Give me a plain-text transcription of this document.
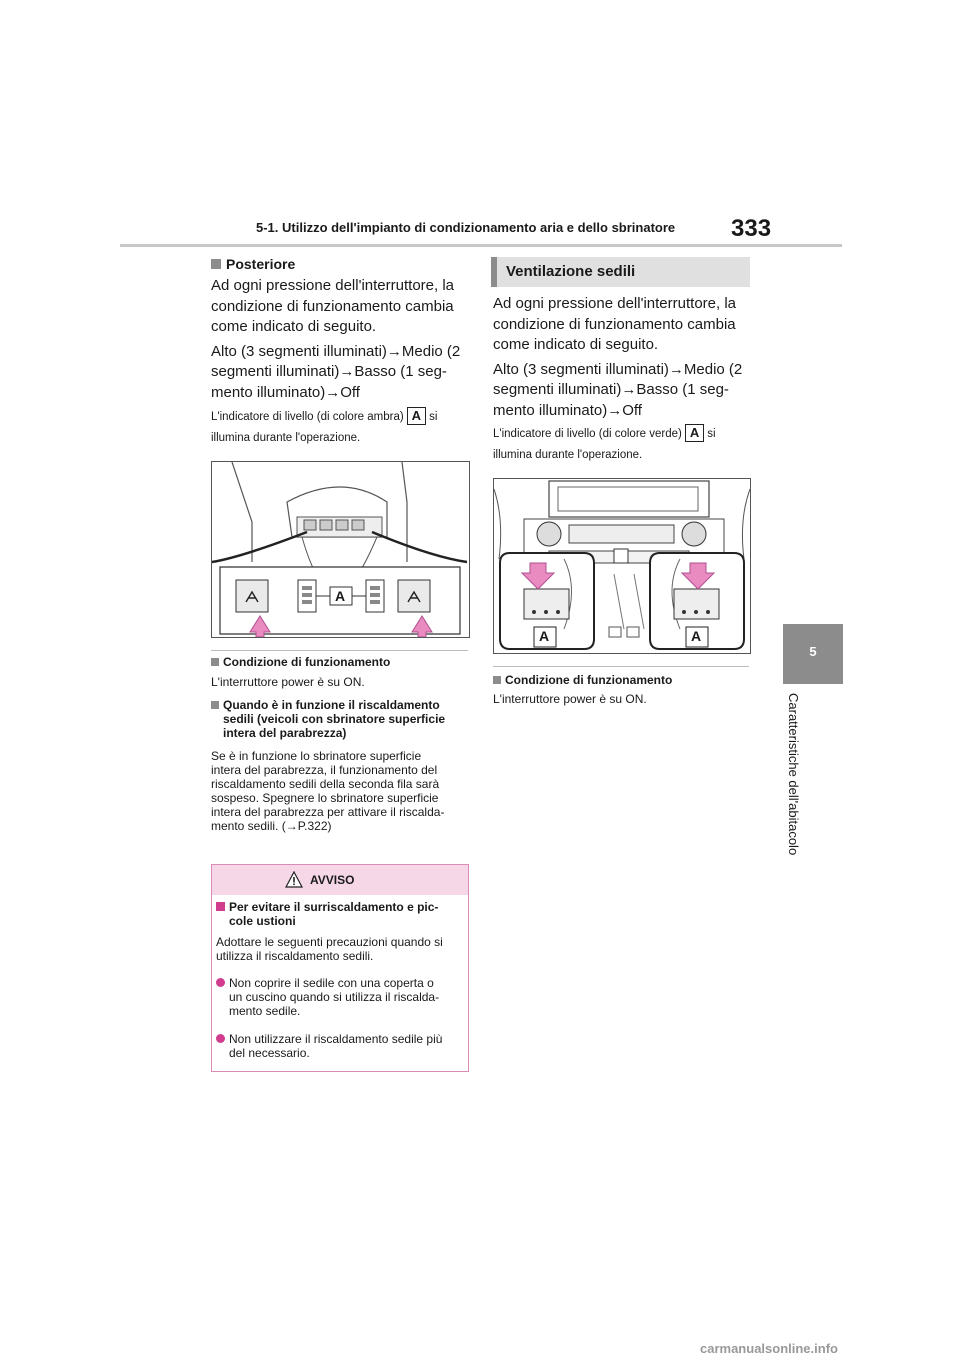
5-1. Utilizzo dell'impianto di condizionamento aria e dello sbrinatore 333
5
Caratteristiche dell'abitacolo
Posteriore
Ad ogni pressione dell'interruttore, la
condizione di funzionamento cambia
come indicato di seguito.
Alto (3 segmenti illuminati)→Medio (2
segmenti illuminati)→Basso (1 seg-
mento illuminato)→Off
L'indicatore di livello (di colore ambra) A si
illumina durante l'operazione.
A
Condizione di funzionamento
L'interruttore power è su ON.
Quando è in funzione il riscaldamento
sedili (veicoli con sbrinatore superficie
intera del parabrezza)
Se è in funzione lo sbrinatore superficie
intera del parabrezza, il funzionamento del
riscaldamento sedili della seconda fila sarà
sospeso. Spegnere lo sbrinatore superficie
intera del parabrezza per attivare il riscalda-
mento sedili. (→P.322)
AVVISO
Per evitare il surriscaldamento e pic-
cole ustioni
Adottare le seguenti precauzioni quando si
utilizza il riscaldamento sedili.
Non coprire il sedile con una coperta o
un cuscino quando si utilizza il riscalda-
mento sedile.
Non utilizzare il riscaldamento sedile più
del necessario.
Ventilazione sedili
Ad ogni pressione dell'interruttore, la
condizione di funzionamento cambia
come indicato di seguito.
Alto (3 segmenti illuminati)→Medio (2
segmenti illuminati)→Basso (1 seg-
mento illuminato)→Off
L'indicatore di livello (di colore verde) A si
illumina durante l'operazione.
A	A
Condizione di funzionamento
L'interruttore power è su ON.
carmanualsonline.info
